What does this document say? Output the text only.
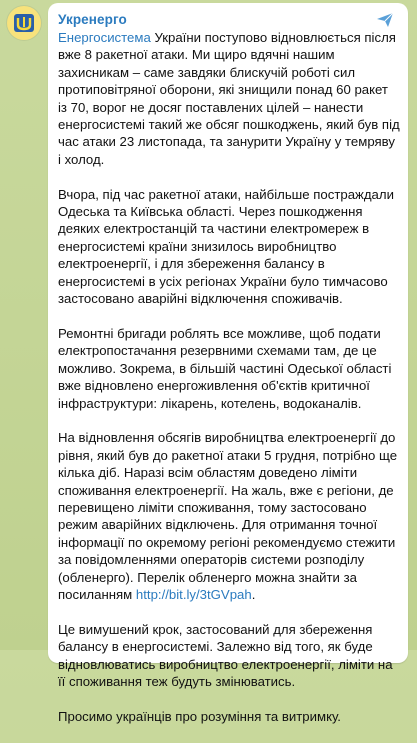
Укренерго

Енергосистема України поступово відновлюється після вже 8 ракетної атаки. Ми щиро вдячні нашим захисникам – саме завдяки блискучій роботі сил протиповітряної оборони, які знищили понад 60 ракет із 70, ворог не досяг поставлених цілей – нанести енергосистемі такий же обсяг пошкоджень, який був під час атаки 23 листопада, та занурити Україну у темряву і холод.

Вчора, під час ракетної атаки, найбільше постраждали Одеська та Київська області. Через пошкодження деяких електростанцій та частини електромереж в енергосистемі країни знизилось виробництво електроенергії, і для збереження балансу в енергосистемі в усіх регіонах України було тимчасово застосовано аварійні відключення споживачів.

Ремонтні бригади роблять все можливе, щоб подати електропостачання резервними схемами там, де це можливо. Зокрема, в більшій частині Одеської області вже відновлено енергоживлення об'єктів критичної інфраструктури: лікарень, котелень, водоканалів.

На відновлення обсягів виробництва електроенергії до рівня, який був до ракетної атаки 5 грудня, потрібно ще кілька діб. Наразі всім областям доведено ліміти споживання електроенергії. На жаль, вже є регіони, де перевищено ліміти споживання, тому застосовано режим аварійних відключень. Для отримання точної інформації по окремому регіоні рекомендуємо стежити за повідомленнями операторів системи розподілу (обленерго). Перелік обленерго можна знайти за посиланням http://bit.ly/3tGVpah.

Це вимушений крок, застосований для збереження балансу в енергосистемі. Залежно від того, як буде відновлюватись виробництво електроенергії, ліміти на її споживання теж будуть змінюватись.

Просимо українців про розуміння та витримку.
